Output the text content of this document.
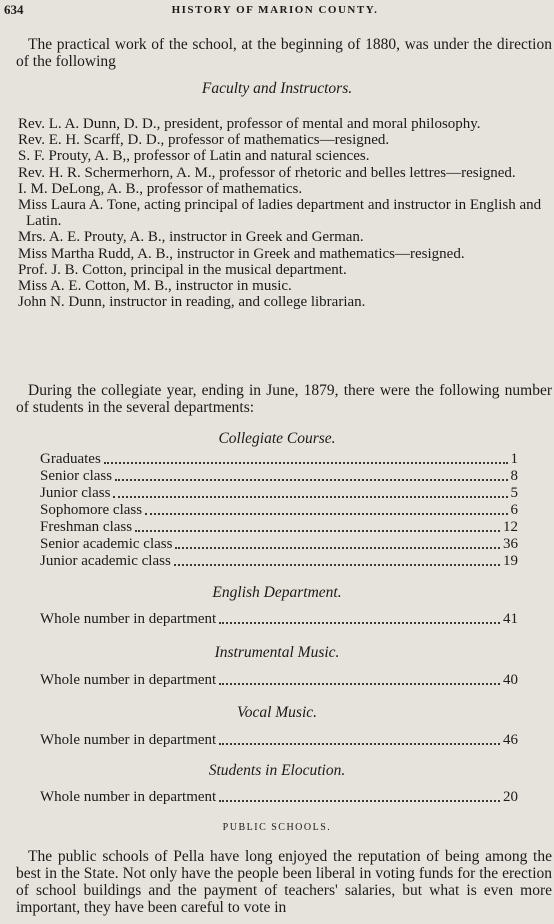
634	HISTORY OF MARION COUNTY.

The practical work of the school, at the beginning of 1880, was under the direction of the following

Faculty and Instructors.

Rev. L. A. Dunn, D. D., president, professor of mental and moral philosophy.

Rev. E. H. Scarff, D. D., professor of mathematics—resigned.

S. F. Prouty, A. B,, professor of Latin and natural sciences.

Rev. H. R. Schermerhorn, A. M., professor of rhetoric and belles lettres—resigned.

I. M. DeLong, A. B., professor of mathematics.

Miss Laura A. Tone, acting principal of ladies department and instructor in English and Latin.

Mrs. A. E. Prouty, A. B., instructor in Greek and German.

Miss Martha Rudd, A. B., instructor in Greek and mathematics—resigned.

Prof. J. B. Cotton, principal in the musical department.

Miss A. E. Cotton, M. B., instructor in music.

John N. Dunn, instructor in reading, and college librarian.

During the collegiate year, ending in June, 1879, there were the following number of students in the several departments:

Collegiate Course.
Graduates	1
Senior class	8
Junior class	5
Sophomore class	6
Freshman class	12
Senior academic class	36
Junior academic class	19
English Department.
Whole number in department	41
Instrumental Music.
Whole number in department	40
Vocal Music.
Whole number in department	46
Students in Elocution.
Whole number in department	20
PUBLIC SCHOOLS.

The public schools of Pella have long enjoyed the reputation of being among the best in the State. Not only have the people been liberal in voting funds for the erection of school buildings and the payment of teachers' salaries, but what is even more important, they have been careful to vote in
